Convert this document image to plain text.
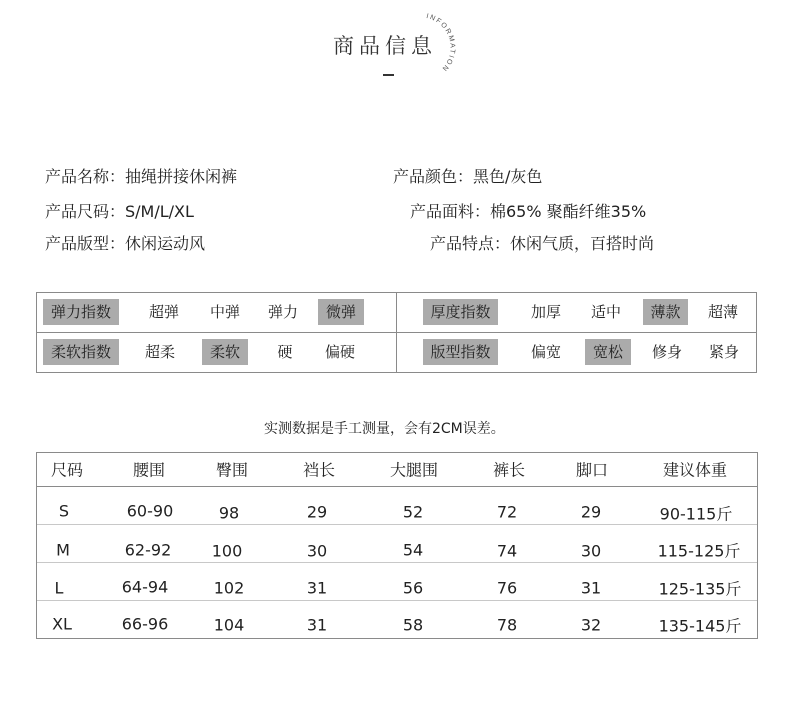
商品信息
INFORMATION
产品名称：抽绳拼接休闲裤
产品尺码：S/M/L/XL
产品版型：休闲运动风
产品颜色：黑色/灰色
产品面料：棉65% 聚酯纤维35%
产品特点：休闲气质，百搭时尚
弹力指数	超弹	中弹	弹力	微弹	厚度指数	加厚	适中	薄款	超薄
柔软指数	超柔	柔软	硬	偏硬	版型指数	偏宽	宽松	修身	紧身
实测数据是手工测量，会有2CM误差。
尺码	腰围	臀围	裆长	大腿围	裤长	脚口	建议体重
S	60-90	98	29	52	72	29	90-115斤
M	62-92	100	30	54	74	30	115-125斤
L	64-94	102	31	56	76	31	125-135斤
XL	66-96	104	31	58	78	32	135-145斤
